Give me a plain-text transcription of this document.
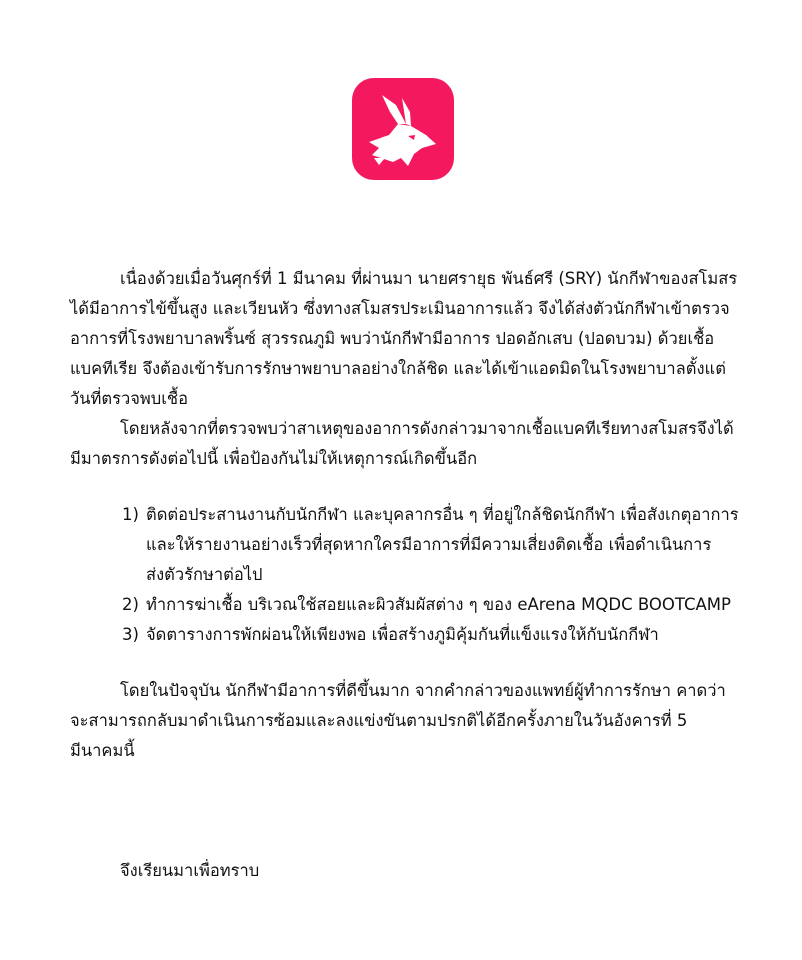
เนื่องด้วยเมื่อวันศุกร์ที่ 1 มีนาคม ที่ผ่านมา นายศรายุธ พันธ์ศรี (SRY) นักกีฬาของสโมสรได้มีอาการไข้ขึ้นสูง และเวียนหัว ซึ่งทางสโมสรประเมินอาการแล้ว จึงได้ส่งตัวนักกีฬาเข้าตรวจอาการที่โรงพยาบาลพริ้นซ์ สุวรรณภูมิ พบว่านักกีฬามีอาการ ปอดอักเสบ (ปอดบวม) ด้วยเชื้อแบคทีเรีย จึงต้องเข้ารับการรักษาพยาบาลอย่างใกล้ชิด และได้เข้าแอดมิดในโรงพยาบาลตั้งแต่วันที่ตรวจพบเชื้อ

โดยหลังจากที่ตรวจพบว่าสาเหตุของอาการดังกล่าวมาจากเชื้อแบคทีเรียทางสโมสรจึงได้มีมาตรการดังต่อไปนี้ เพื่อป้องกันไม่ให้เหตุการณ์เกิดขึ้นอีก

1) ติดต่อประสานงานกับนักกีฬา และบุคลากรอื่น ๆ ที่อยู่ใกล้ชิดนักกีฬา เพื่อสังเกตุอาการ และให้รายงานอย่างเร็วที่สุดหากใครมีอาการที่มีความเสี่ยงติดเชื้อ เพื่อดำเนินการส่งตัวรักษาต่อไป
2) ทำการฆ่าเชื้อ บริเวณใช้สอยและผิวสัมผัสต่าง ๆ ของ eArena MQDC BOOTCAMP
3) จัดตารางการพักผ่อนให้เพียงพอ เพื่อสร้างภูมิคุ้มกันที่แข็งแรงให้กับนักกีฬา

โดยในปัจจุบัน นักกีฬามีอาการที่ดีขึ้นมาก จากคำกล่าวของแพทย์ผู้ทำการรักษา คาดว่าจะสามารถกลับมาดำเนินการซ้อมและลงแข่งขันตามปรกติได้อีกครั้งภายในวันอังคารที่ 5 มีนาคมนี้

จึงเรียนมาเพื่อทราบ
